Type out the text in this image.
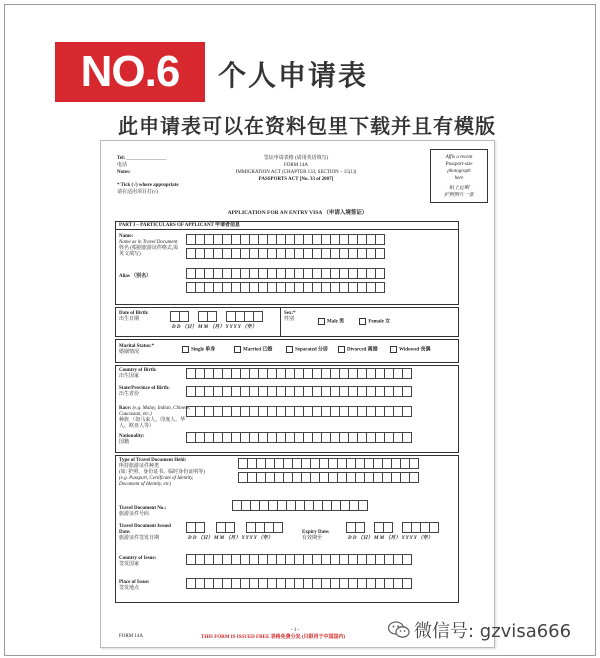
NO.6	个人申请表
此申请表可以在资料包里下载并且有模版
Tel: ________________
电话
Notes:
* Tick (√) where appropriate
请在适用项目打(√)
签证申请表格 (请用英语填写)
FORM 14A
IMMIGRATION ACT (CHAPTER 133, SECTION – 15(1))
PASSPORTS ACT [No. 33 of 2007]
Affix a recent
Passport-size
photograph
here
贴上近期
护照照片一张
APPLICATION FOR AN ENTRY VISA （申请入境签证）
PART I – PARTICULARS OF APPLICANT 申请者信息
Name:
Name as in Travel Document
姓名 (根据旅游证件格式,需英文填写)
Alias （别名）
Date of Birth:
出生日期
D D （日） M M （月） Y Y Y Y （年）
Sex:*
性别
Male 男	Female 女
Marital Status:*
婚姻情况	Single 单身	Married 已婚	Separated 分居	Divorced 离婚	Widowed 丧偶
Country of Birth:
出生国家
State/Province of Birth:
出生省份
Race: (e.g. Malay, Indian, Chinese, Caucasian, etc.)
种族 （如马来人、印度人、华人、欧亚人等）
Nationality:
国籍
Type of Travel Document Held:
所持旅游证件种类
(如: 护照、身份证书、临时身份证明等)
(e.g. Passport, Certificate of Identity,
Document of Identity, etc)
Travel Document No.:
旅游证件号码
Travel Document Issued Date:
旅游证件签发日期	D D （日） M M （月） Y Y Y Y （年）
Expiry Date:
有效期至	D D （日） M M （月） Y Y Y Y （年）
Country of Issue:
签发国家
Place of Issue:
签发地点
FORM 14A
- 1 -
THIS FORM IS ISSUED FREE 表格免费分发 (只限用于中国国内)	微信号: gzvisa666
